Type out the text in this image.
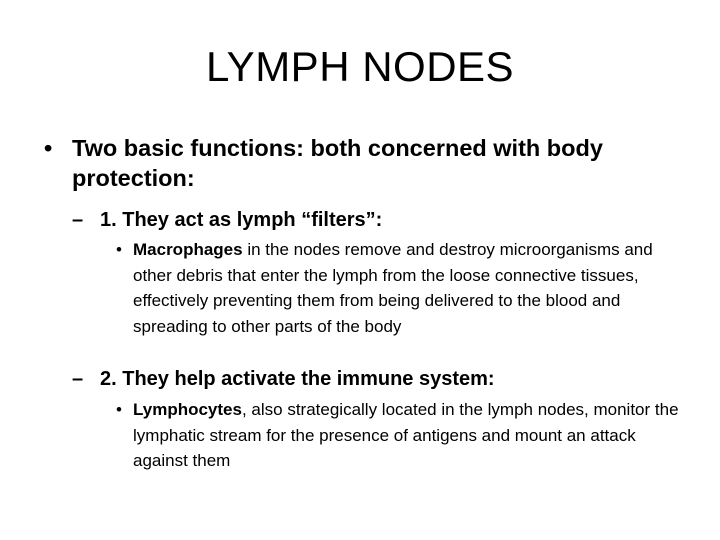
LYMPH NODES
• Two basic functions: both concerned with body protection:
– 1. They act as lymph “filters”:
• Macrophages in the nodes remove and destroy microorganisms and other debris that enter the lymph from the loose connective tissues, effectively preventing them from being delivered to the blood and spreading to other parts of the body
– 2. They help activate the immune system:
• Lymphocytes, also strategically located in the lymph nodes, monitor the lymphatic stream for the presence of antigens and mount an attack against them
